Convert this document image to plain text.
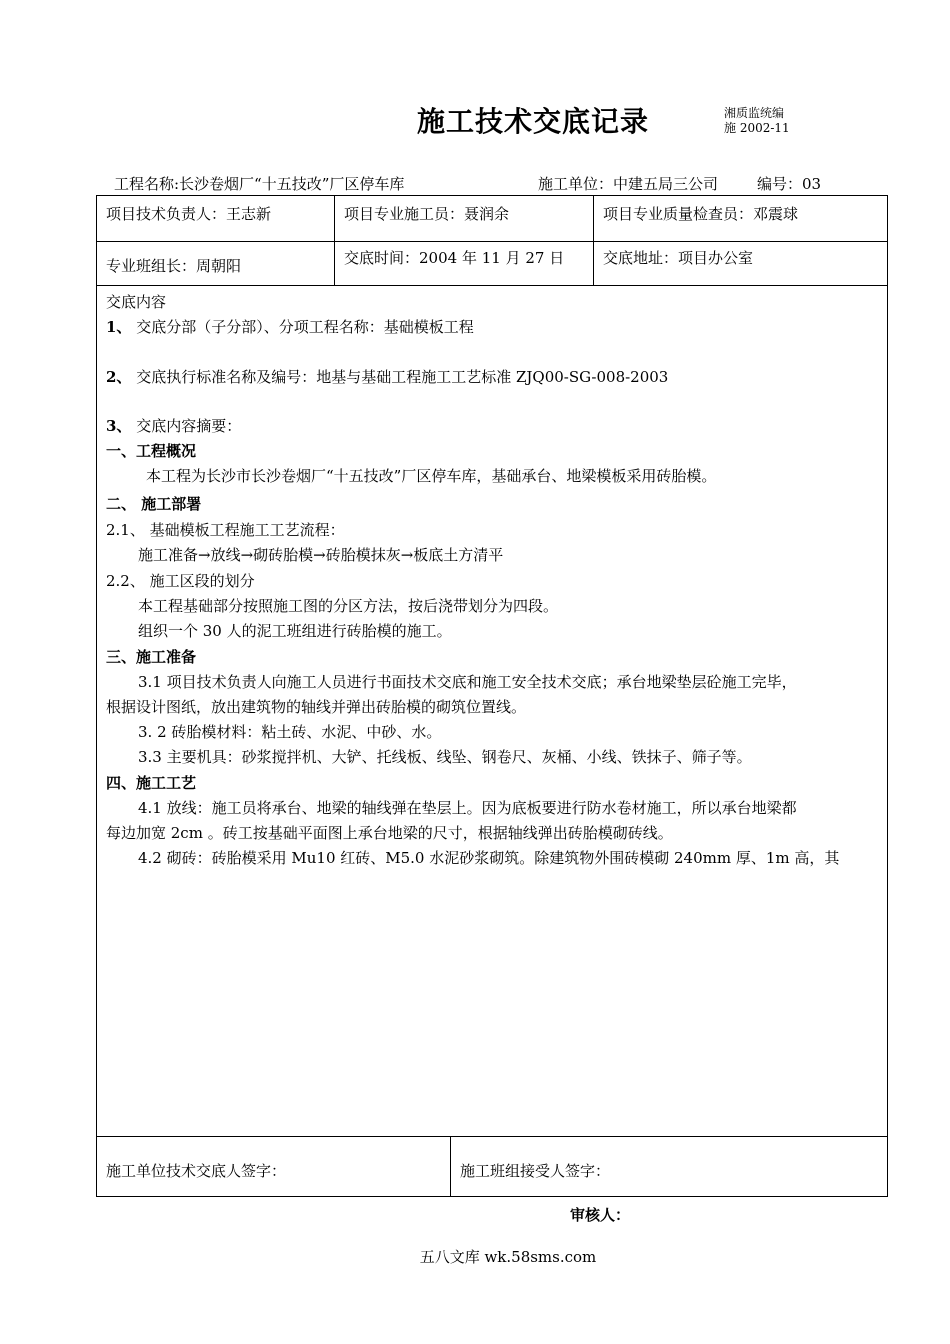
施工技术交底记录	湘质监统编
施 2002-11
工程名称:长沙卷烟厂“十五技改”厂区停车库	施工单位：中建五局三公司	编号：03
项目技术负责人：王志新	项目专业施工员：聂润余	项目专业质量检查员：邓震球
专业班组长：周朝阳	交底时间：2004 年 11 月 27 日	交底地址：项目办公室
交底内容
1、 交底分部（子分部）、分项工程名称：基础模板工程
2、 交底执行标准名称及编号：地基与基础工程施工工艺标准 ZJQ00-SG-008-2003
3、 交底内容摘要：
一、工程概况
本工程为长沙市长沙卷烟厂“十五技改”厂区停车库，基础承台、地梁模板采用砖胎模。
二、 施工部署
2.1、 基础模板工程施工工艺流程：
施工准备→放线→砌砖胎模→砖胎模抹灰→板底土方清平
2.2、 施工区段的划分
本工程基础部分按照施工图的分区方法，按后浇带划分为四段。
组织一个 30 人的泥工班组进行砖胎模的施工。
三、施工准备
3.1 项目技术负责人向施工人员进行书面技术交底和施工安全技术交底；承台地梁垫层砼施工完毕，
根据设计图纸，放出建筑物的轴线并弹出砖胎模的砌筑位置线。
3. 2 砖胎模材料：粘土砖、水泥、中砂、水。
3.3 主要机具：砂浆搅拌机、大铲、托线板、线坠、钢卷尺、灰桶、小线、铁抹子、筛子等。
四、施工工艺
4.1 放线：施工员将承台、地梁的轴线弹在垫层上。因为底板要进行防水卷材施工，所以承台地梁都
每边加宽 2cm 。砖工按基础平面图上承台地梁的尺寸，根据轴线弹出砖胎模砌砖线。
4.2 砌砖：砖胎模采用 Mu10 红砖、M5.0 水泥砂浆砌筑。除建筑物外围砖模砌 240mm 厚、1m 高，其
施工单位技术交底人签字：	施工班组接受人签字：
审核人：
五八文库 wk.58sms.com
